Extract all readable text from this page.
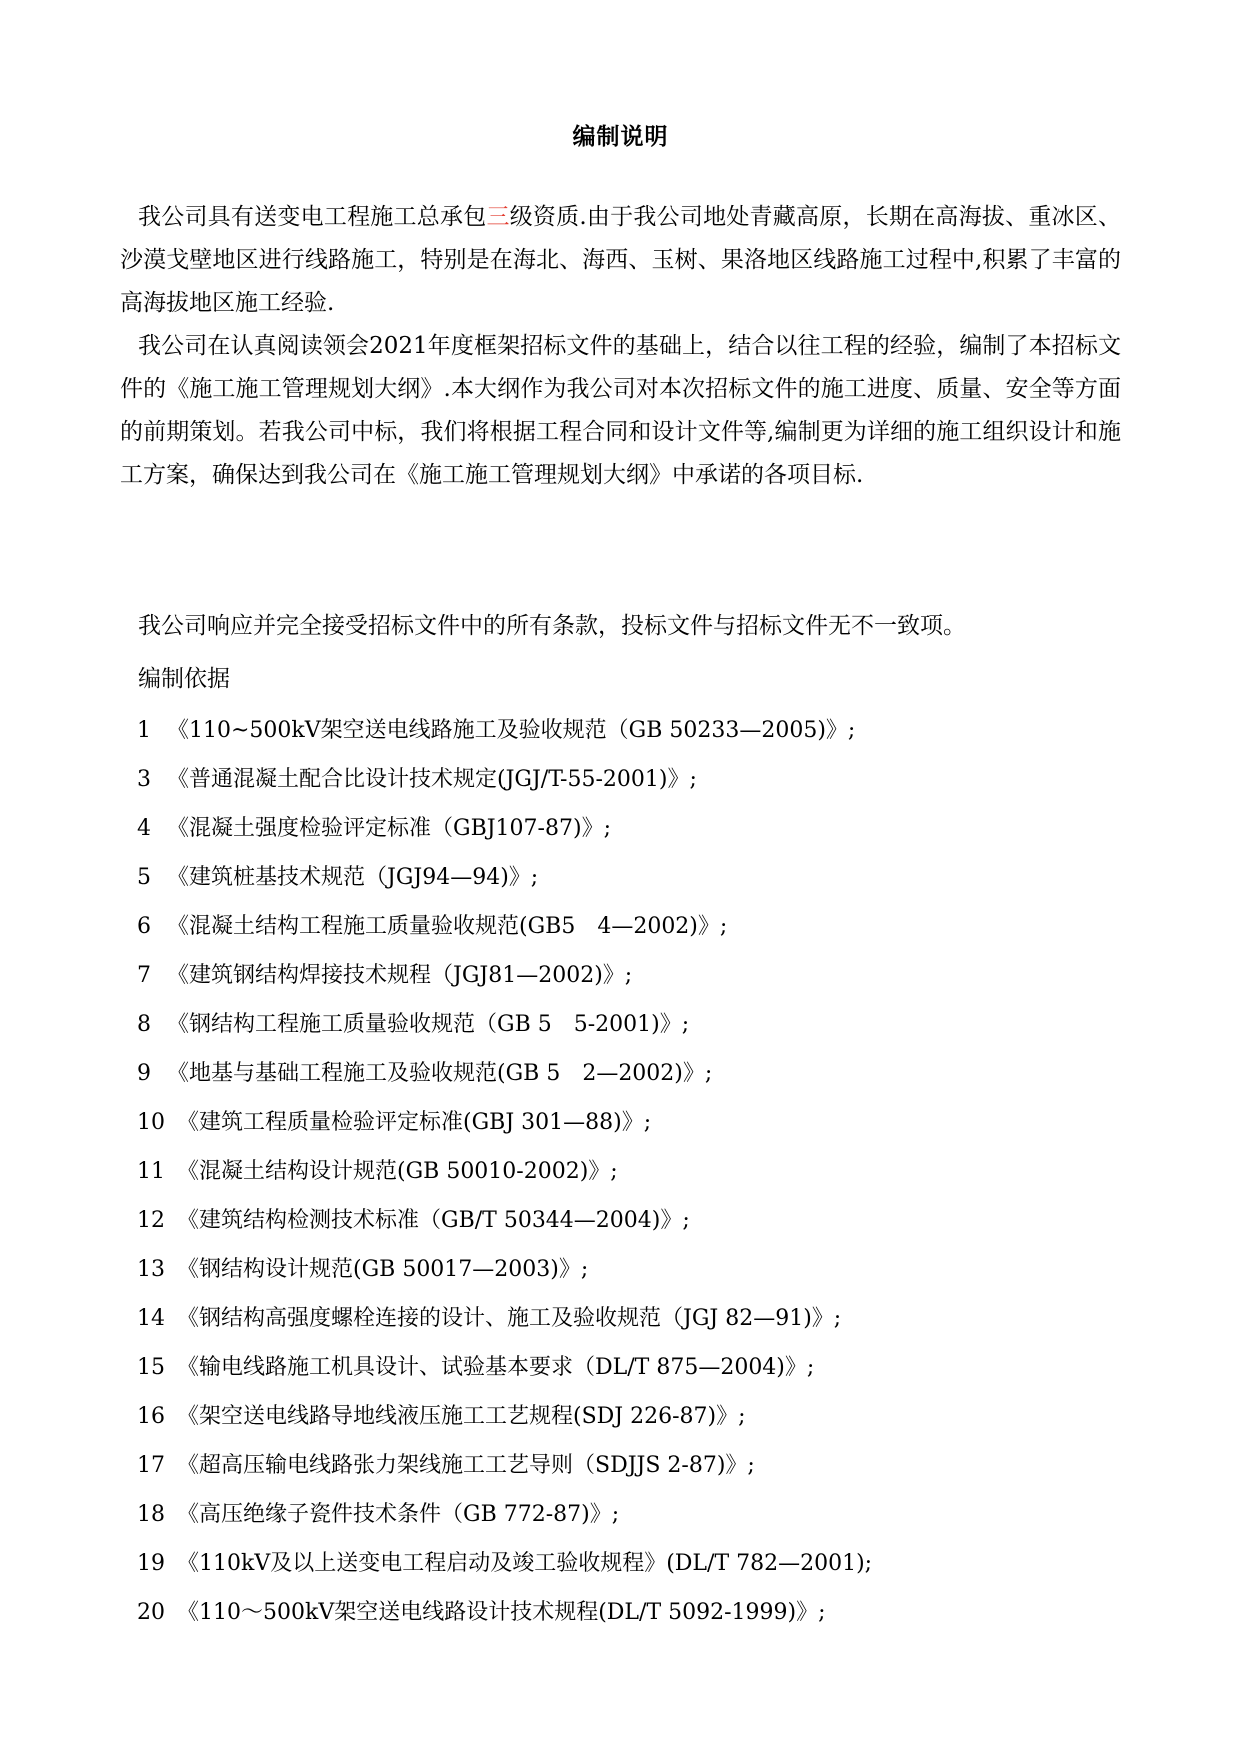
编制说明

我公司具有送变电工程施工总承包三级资质.由于我公司地处青藏高原，长期在高海拔、重冰区、沙漠戈壁地区进行线路施工，特别是在海北、海西、玉树、果洛地区线路施工过程中,积累了丰富的高海拔地区施工经验.

我公司在认真阅读领会2021年度框架招标文件的基础上，结合以往工程的经验，编制了本招标文件的《施工施工管理规划大纲》.本大纲作为我公司对本次招标文件的施工进度、质量、安全等方面的前期策划。若我公司中标，我们将根据工程合同和设计文件等,编制更为详细的施工组织设计和施工方案，确保达到我公司在《施工施工管理规划大纲》中承诺的各项目标.

我公司响应并完全接受招标文件中的所有条款，投标文件与招标文件无不一致项。

编制依据

1 《110~500kV架空送电线路施工及验收规范（GB 50233—2005)》;
3 《普通混凝土配合比设计技术规定(JGJ/T-55-2001)》;
4 《混凝土强度检验评定标准（GBJ107-87)》;
5 《建筑桩基技术规范（JGJ94—94)》;
6 《混凝土结构工程施工质量验收规范(GB5　4—2002)》;
7 《建筑钢结构焊接技术规程（JGJ81—2002)》;
8 《钢结构工程施工质量验收规范（GB 5　5-2001)》;
9 《地基与基础工程施工及验收规范(GB 5　2—2002)》;
10 《建筑工程质量检验评定标准(GBJ 301—88)》;
11 《混凝土结构设计规范(GB 50010-2002)》;
12 《建筑结构检测技术标准（GB/T 50344—2004)》;
13 《钢结构设计规范(GB 50017—2003)》;
14 《钢结构高强度螺栓连接的设计、施工及验收规范（JGJ 82—91)》;
15 《输电线路施工机具设计、试验基本要求（DL/T 875—2004)》;
16 《架空送电线路导地线液压施工工艺规程(SDJ 226-87)》;
17 《超高压输电线路张力架线施工工艺导则（SDJJS 2-87)》;
18 《高压绝缘子瓷件技术条件（GB 772-87)》;
19 《110kV及以上送变电工程启动及竣工验收规程》(DL/T 782—2001);
20 《110～500kV架空送电线路设计技术规程(DL/T 5092-1999)》;
